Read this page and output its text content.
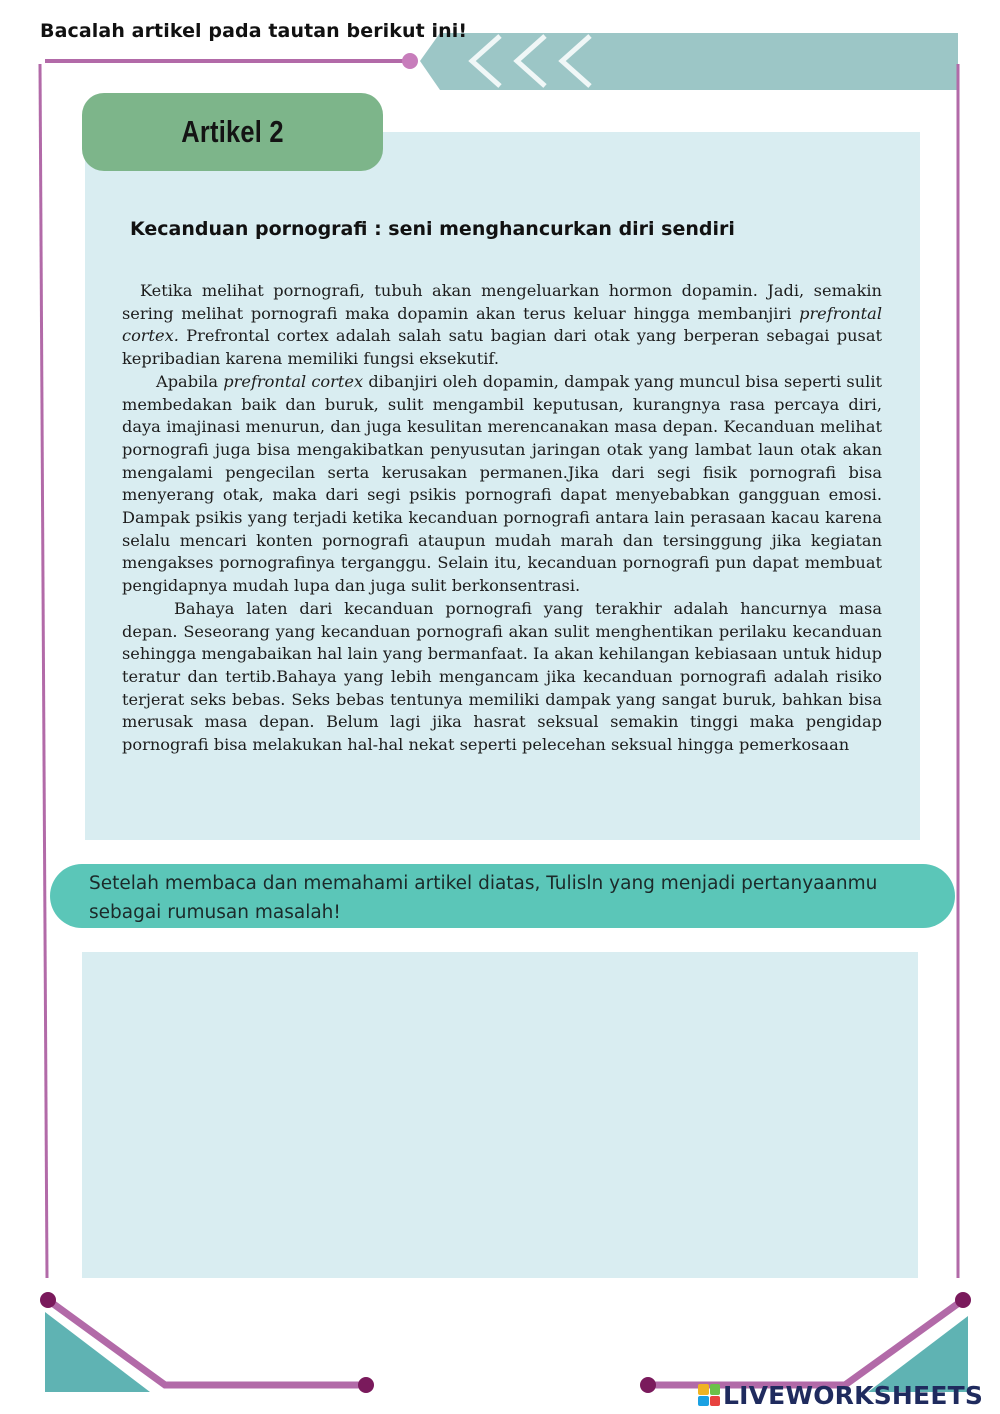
Bacalah artikel pada tautan berikut ini!
Artikel 2
Kecanduan pornografi : seni menghancurkan diri sendiri

Ketika melihat pornografi, tubuh akan mengeluarkan hormon dopamin. Jadi, semakin sering melihat pornografi maka dopamin akan terus keluar hingga membanjiri prefrontal cortex. Prefrontal cortex adalah salah satu bagian dari otak yang berperan sebagai pusat kepribadian karena memiliki fungsi eksekutif.

Apabila prefrontal cortex dibanjiri oleh dopamin, dampak yang muncul bisa seperti sulit membedakan baik dan buruk, sulit mengambil keputusan, kurangnya rasa percaya diri, daya imajinasi menurun, dan juga kesulitan merencanakan masa depan. Kecanduan melihat pornografi juga bisa mengakibatkan penyusutan jaringan otak yang lambat laun otak akan mengalami pengecilan serta kerusakan permanen.Jika dari segi fisik pornografi bisa menyerang otak, maka dari segi psikis pornografi dapat menyebabkan gangguan emosi. Dampak psikis yang terjadi ketika kecanduan pornografi antara lain perasaan kacau karena selalu mencari konten pornografi ataupun mudah marah dan tersinggung jika kegiatan mengakses pornografinya terganggu. Selain itu, kecanduan pornografi pun dapat membuat pengidapnya mudah lupa dan juga sulit berkonsentrasi.

Bahaya laten dari kecanduan pornografi yang terakhir adalah hancurnya masa depan. Seseorang yang kecanduan pornografi akan sulit menghentikan perilaku kecanduan sehingga mengabaikan hal lain yang bermanfaat. Ia akan kehilangan kebiasaan untuk hidup teratur dan tertib.Bahaya yang lebih mengancam jika kecanduan pornografi adalah risiko terjerat seks bebas. Seks bebas tentunya memiliki dampak yang sangat buruk, bahkan bisa merusak masa depan. Belum lagi jika hasrat seksual semakin tinggi maka pengidap pornografi bisa melakukan hal-hal nekat seperti pelecehan seksual hingga pemerkosaan

Setelah membaca dan memahami artikel diatas, Tulisln yang menjadi pertanyaanmu sebagai rumusan masalah!
LIVEWORKSHEETS
